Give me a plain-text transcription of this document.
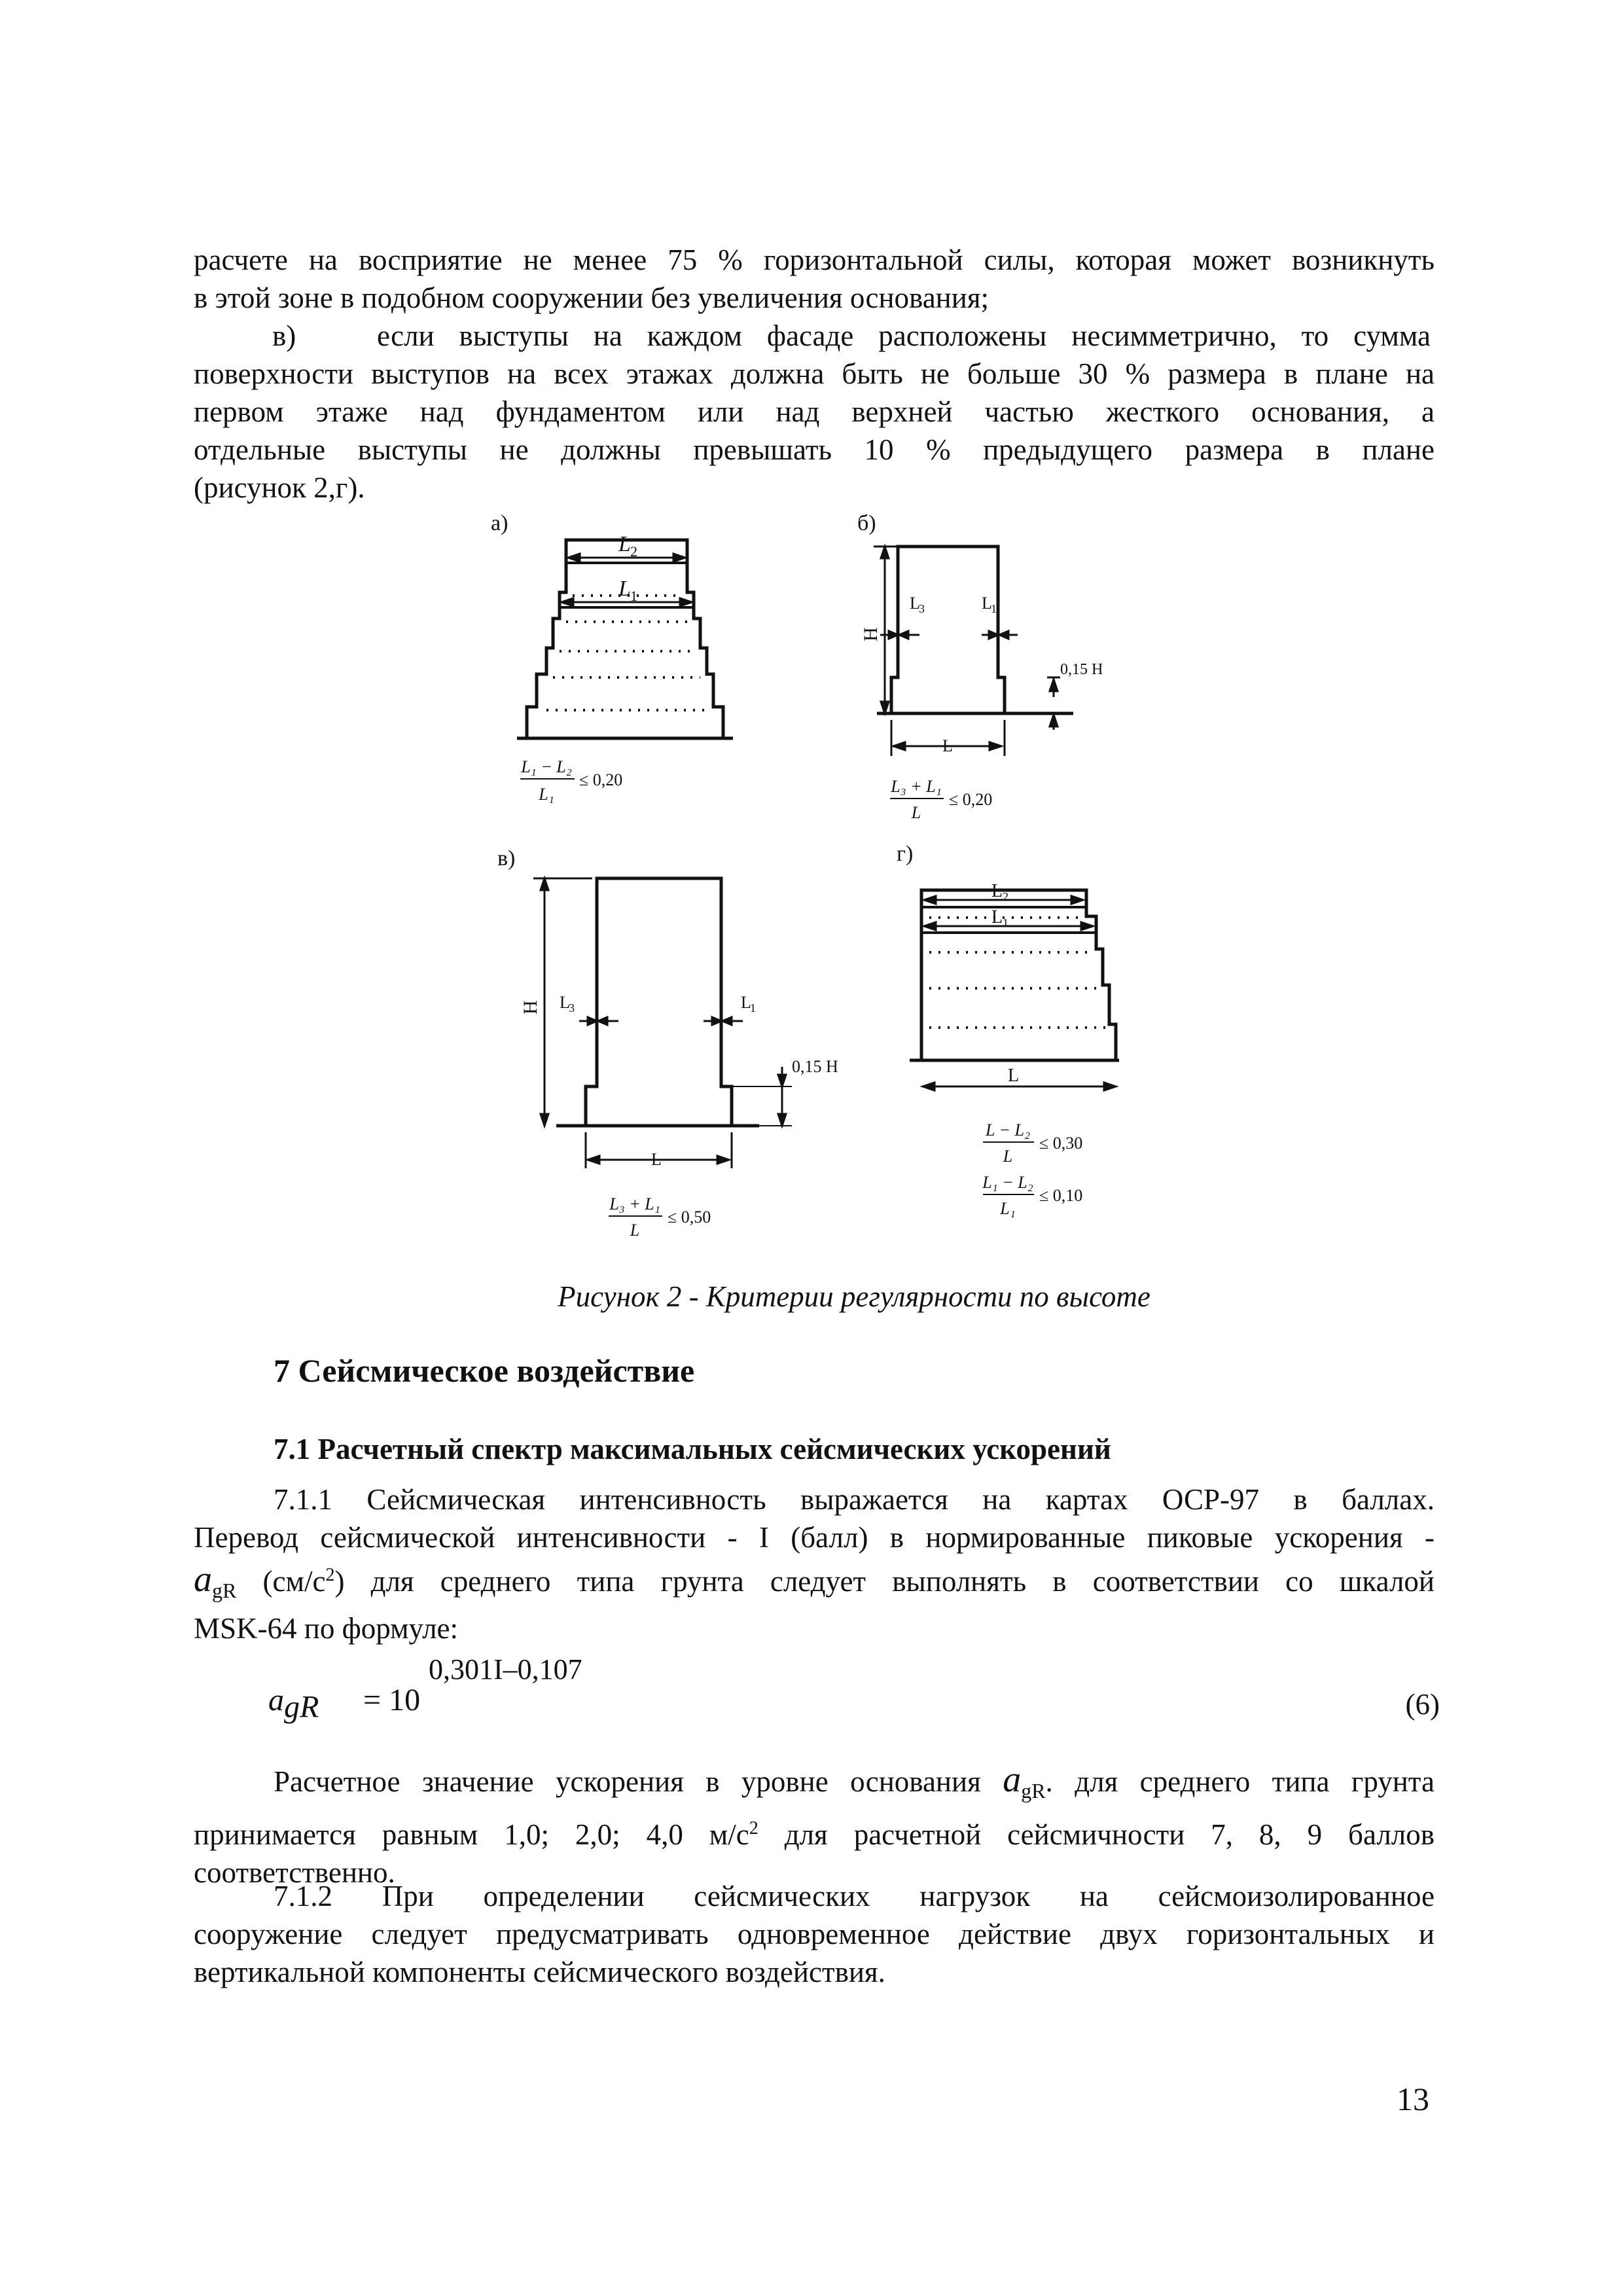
расчете на восприятие не менее 75 % горизонтальной силы, которая может возникнуть
в этой зоне в подобном сооружении без увеличения основания;
в)	если выступы на каждом фасаде расположены несимметрично, то сумма
поверхности выступов на всех этажах должна быть не больше 30 % размера в плане на
первом этаже над фундаментом или над верхней частью жесткого основания, а
отдельные выступы не должны превышать 10 % предыдущего размера в плане
(рисунок 2,г).
а)	б)
в)	г)
L 2
L 1
H
L
3	L
1
0,15 H
L
H L
3	L
1
0,15 H
L
L 2
L 1
L
L₁ − L₂
L₁
≤ 0,20	L₃ + L₁
L
≤ 0,20
L₃ + L₁
L
≤ 0,50
L − L₂
L
≤ 0,30
L₁ − L₂
L₁
≤ 0,10
Рисунок 2 - Критерии регулярности по высоте
7 Сейсмическое воздействие
7.1 Расчетный спектр максимальных сейсмических ускорений
7.1.1 Сейсмическая интенсивность выражается на картах ОСР-97 в баллах.
Перевод сейсмической интенсивности - I (балл) в нормированные пиковые ускорения -
$a_{gR}$ $(см/с^2)$ для среднего типа грунта следует выполнять в соответствии со шкалой
MSK-64 по формуле:
$a_{gR} = 10$
0,301I–0,107
(6)
Расчетное значение ускорения в уровне основания $a_{gR}$. для среднего типа грунта
принимается равным 1,0; 2,0; 4,0 $м/с^2$ для расчетной сейсмичности 7, 8, 9 баллов
соответственно.
7.1.2 При определении сейсмических нагрузок на сейсмоизолированное
сооружение следует предусматривать одновременное действие двух горизонтальных и
вертикальной компоненты сейсмического воздействия.
13
